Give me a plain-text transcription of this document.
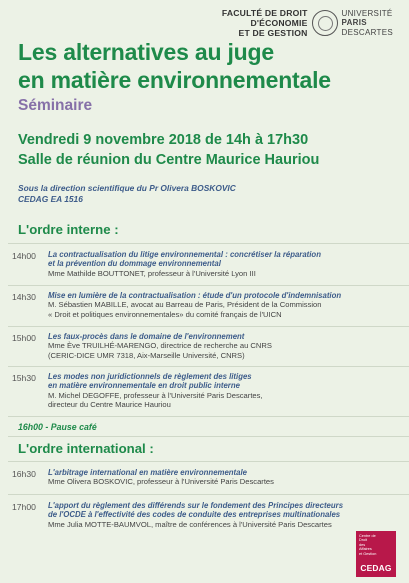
FACULTÉ DE DROIT
D'ÉCONOMIE
ET DE GESTION
UNIVERSITÉ
PARIS
DESCARTES
Les alternatives au juge
en matière environnementale
Séminaire
Vendredi 9 novembre 2018 de 14h à 17h30
Salle de réunion du Centre Maurice Hauriou
Sous la direction scientifique du Pr Olivera BOSKOVIC
CEDAG EA 1516
L'ordre interne :
14h00	La contractualisation du litige environnemental : concrétiser la réparation
et la prévention du dommage environnemental
Mme Mathilde BOUTTONET, professeur à l'Université Lyon III
14h30	Mise en lumière de la contractualisation : étude d'un protocole d'indemnisation
M. Sébastien MABILLE, avocat au Barreau de Paris, Président de la Commission
« Droit et politiques environnementales» du comité français de l'UICN
15h00	Les faux-procès dans le domaine de l'environnement
Mme Ève TRUILHÉ-MARENGO, directrice de recherche au CNRS
(CERIC-DICE UMR 7318, Aix-Marseille Université, CNRS)
15h30	Les modes non juridictionnels de règlement des litiges
en matière environnementale en droit public interne
M. Michel DEGOFFE, professeur à l'Université Paris Descartes,
directeur du Centre Maurice Hauriou
16h00 - Pause café
L'ordre international :
16h30	L'arbitrage international en matière environnementale
Mme Olivera BOSKOVIC, professeur à l'Université Paris Descartes
17h00	L'apport du règlement des différends sur le fondement des Principes directeurs
de l'OCDE à l'effectivité des codes de conduite des entreprises multinationales
Mme Julia MOTTE-BAUMVOL, maître de conférences à l'Université Paris Descartes
Centre de Droit
des Affaires
et Gestion
CEDAG
